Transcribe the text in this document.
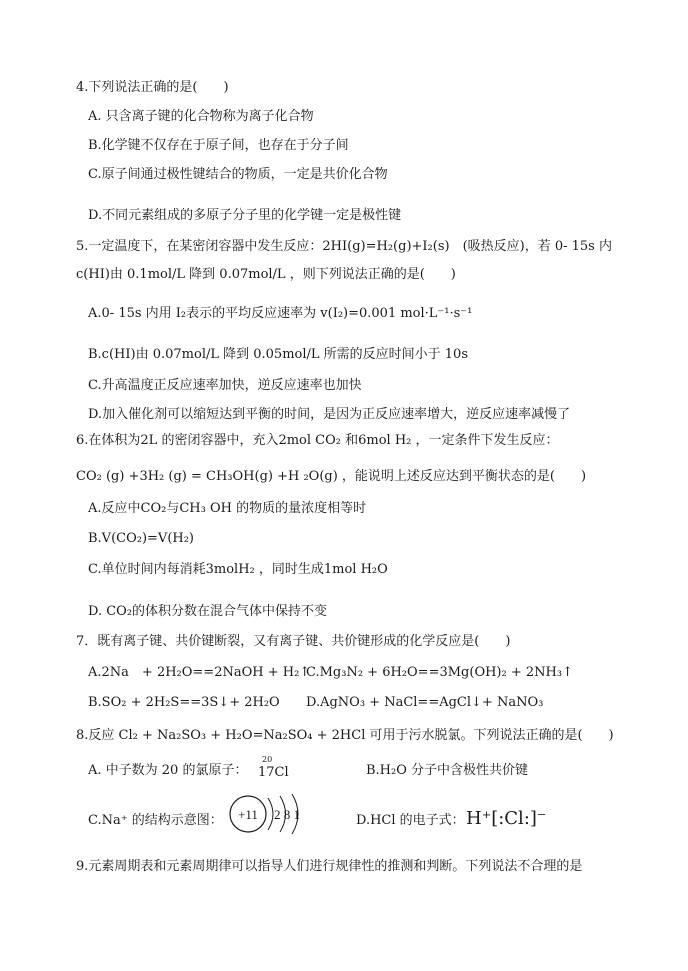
4.下列说法正确的是(　　)
A. 只含离子键的化合物称为离子化合物
B.化学键不仅存在于原子间，也存在于分子间
C.原子间通过极性键结合的物质，一定是共价化合物
D.不同元素组成的多原子分子里的化学键一定是极性键
5.一定温度下，在某密闭容器中发生反应：2HI(g)=H₂(g)+I₂(s)　(吸热反应)，若 0- 15s 内
c(HI)由 0.1mol/L 降到 0.07mol/L ，则下列说法正确的是(　　)
A.0- 15s 内用 I₂表示的平均反应速率为 v(I₂)=0.001 mol·L⁻¹·s⁻¹
B.c(HI)由 0.07mol/L 降到 0.05mol/L 所需的反应时间小于 10s
C.升高温度正反应速率加快，逆反应速率也加快
D.加入催化剂可以缩短达到平衡的时间，是因为正反应速率增大，逆反应速率减慢了
6.在体积为2L 的密闭容器中，充入2mol CO₂ 和6mol H₂ ，一定条件下发生反应：
CO₂ (g) +3H₂ (g) = CH₃OH(g) +H ₂O(g) ，能说明上述反应达到平衡状态的是(　　)
A.反应中CO₂与CH₃ OH 的物质的量浓度相等时
B.V(CO₂)=V(H₂)
C.单位时间内每消耗3molH₂ ，同时生成1mol H₂O
D. CO₂的体积分数在混合气体中保持不变
7．既有离子键、共价键断裂，又有离子键、共价键形成的化学反应是(　　)
A.2Na　+ 2H₂O==2NaOH + H₂↑
C.Mg₃N₂ + 6H₂O==3Mg(OH)₂ + 2NH₃↑
B.SO₂ + 2H₂S==3S↓+ 2H₂O D.AgNO₃ + NaCl==AgCl↓+ NaNO₃
8.反应 Cl₂ + Na₂SO₃ + H₂O=Na₂SO₄ + 2HCl 可用于污水脱氯。下列说法正确的是(　　)
A. 中子数为 20 的氯原子：
20
17Cl	B.H₂O 分子中含极性共价键
C.Na⁺ 的结构示意图： +11 2 8 1	D.HCl 的电子式： H⁺[:Cl:]⁻
9.元素周期表和元素周期律可以指导人们进行规律性的推测和判断。下列说法不合理的是
